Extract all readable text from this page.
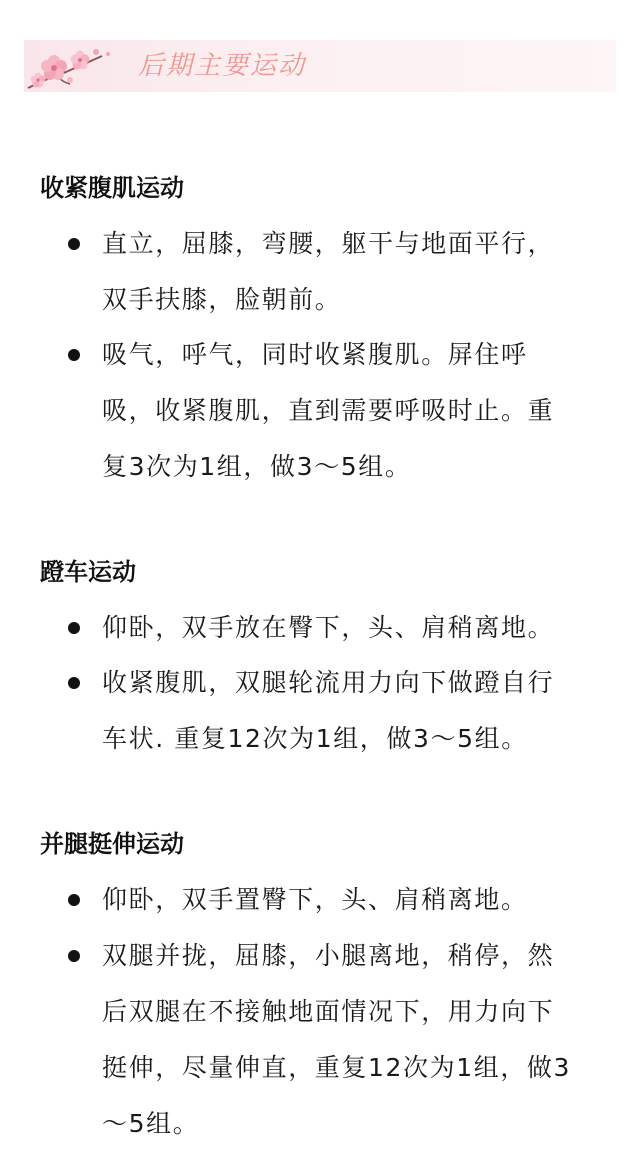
后期主要运动
收紧腹肌运动
直立，屈膝，弯腰，躯干与地面平行，
双手扶膝，脸朝前。
吸气，呼气，同时收紧腹肌。屏住呼
吸，收紧腹肌，直到需要呼吸时止。重
复3次为1组，做3～5组。
蹬车运动
仰卧，双手放在臀下，头、肩稍离地。
收紧腹肌，双腿轮流用力向下做蹬自行
车状. 重复12次为1组，做3～5组。
并腿挺伸运动
仰卧，双手置臀下，头、肩稍离地。
双腿并拢，屈膝，小腿离地，稍停，然
后双腿在不接触地面情况下，用力向下
挺伸，尽量伸直，重复12次为1组，做3
～5组。
